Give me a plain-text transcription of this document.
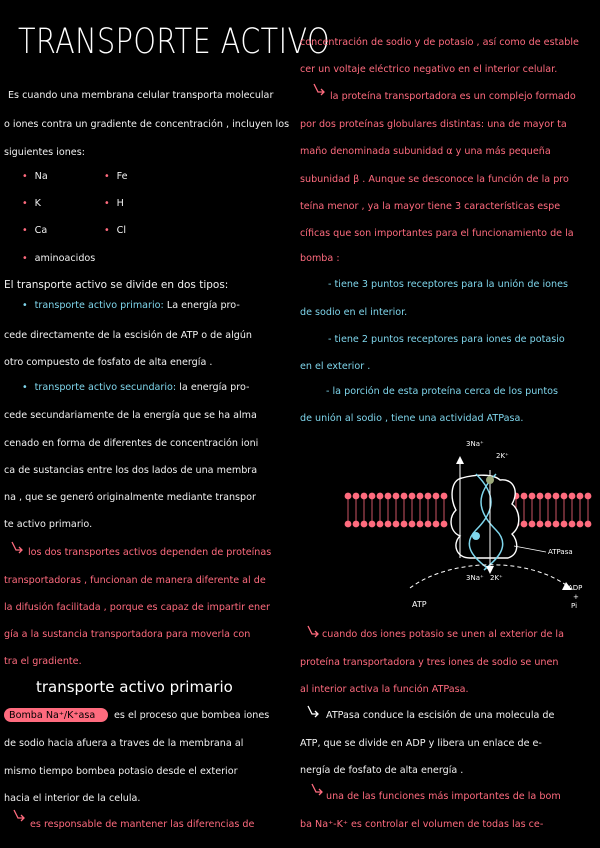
TRANSPORTE ACTIVO
Es cuando una membrana celular transporta molecular
o iones contra un gradiente de concentración , incluyen los
siguientes iones:
• Na	• Fe
• K	• H
• Ca	• Cl
• aminoacidos
El transporte activo se divide en dos tipos:
• transporte activo primario: La energía pro-
cede directamente de la escisión de ATP o de algún
otro compuesto de fosfato de alta energía .
• transporte activo secundario: la energía pro-
cede secundariamente de la energía que se ha alma
cenado en forma de diferentes de concentración ioni
ca de sustancias entre los dos lados de una membra
na , que se generó originalmente mediante transpor
te activo primario.
los dos transportes activos dependen de proteínas
transportadoras , funcionan de manera diferente al de
la difusión facilitada , porque es capaz de impartir ener
gía a la sustancia transportadora para moverla con
tra el gradiente.
transporte activo primario
Bomba Na⁺/K⁺asa es el proceso que bombea iones
de sodio hacia afuera a traves de la membrana al
mismo tiempo bombea potasio desde el exterior
hacia el interior de la celula.
es responsable de mantener las diferencias de
concentración de sodio y de potasio , así como de estable
cer un voltaje eléctrico negativo en el interior celular.
la proteína transportadora es un complejo formado
por dos proteínas globulares distintas: una de mayor ta
maño denominada subunidad α y una más pequeña
subunidad β . Aunque se desconoce la función de la pro
teína menor , ya la mayor tiene 3 características espe
cíficas que son importantes para el funcionamiento de la
bomba :
- tiene 3 puntos receptores para la unión de iones
de sodio en el interior.
- tiene 2 puntos receptores para iones de potasio
en el exterior .
- la porción de esta proteína cerca de los puntos
de unión al sodio , tiene una actividad ATPasa.
3Na⁺
2K⁺
ATPasa
3Na⁺ 2K⁺
ATP
ADP
+
Pi
cuando dos iones potasio se unen al exterior de la
proteína transportadora y tres iones de sodio se unen
al interior activa la función ATPasa.
ATPasa conduce la escisión de una molecula de
ATP, que se divide en ADP y libera un enlace de e-
nergía de fosfato de alta energía .
una de las funciones más importantes de la bom
ba Na⁺-K⁺ es controlar el volumen de todas las ce-
